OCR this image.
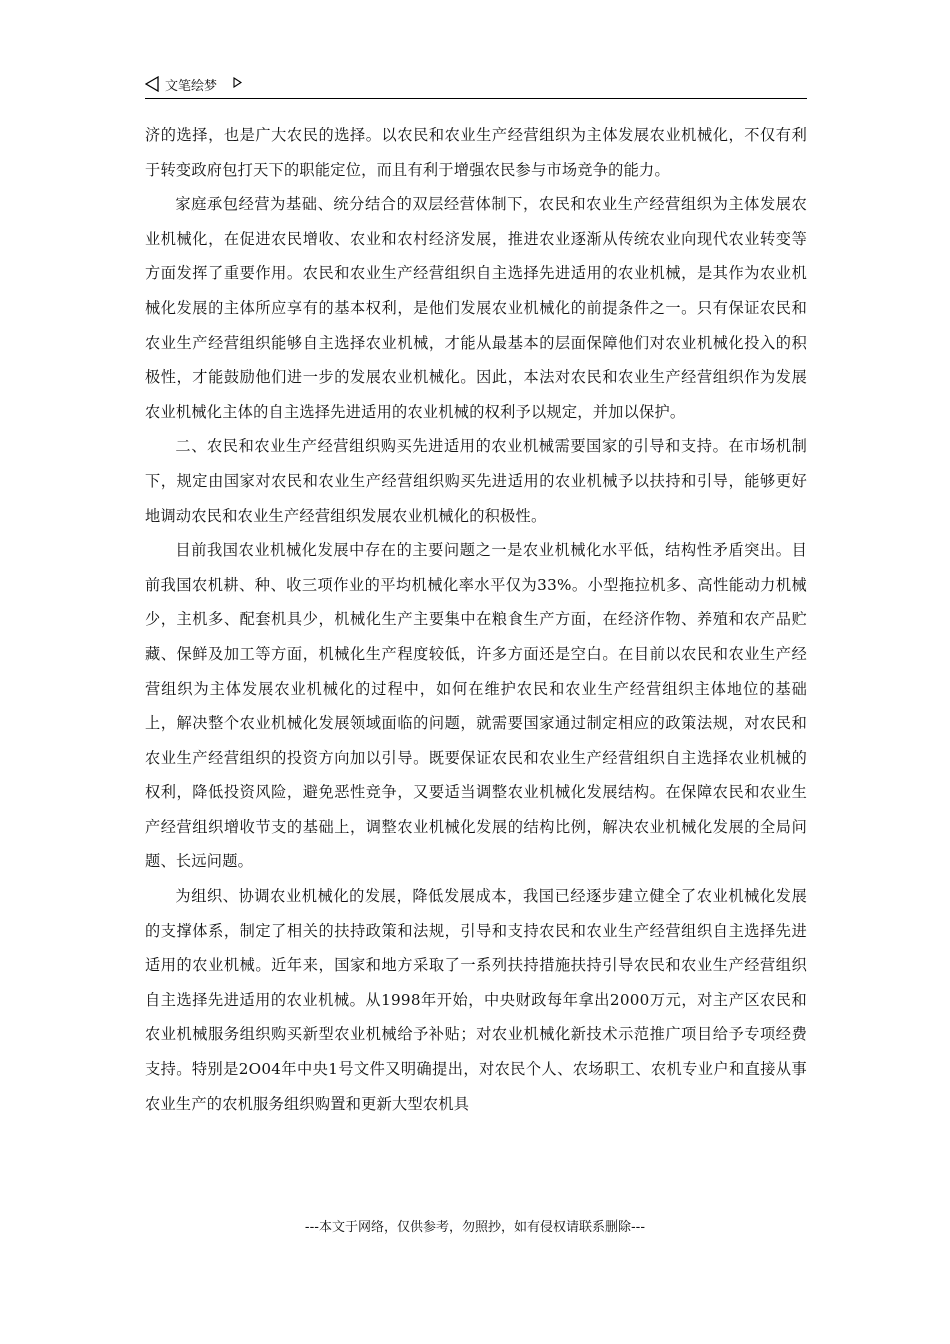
文笔绘梦

济的选择，也是广大农民的选择。以农民和农业生产经营组织为主体发展农业机械化，不仅有利于转变政府包打天下的职能定位，而且有利于增强农民参与市场竞争的能力。

家庭承包经营为基础、统分结合的双层经营体制下，农民和农业生产经营组织为主体发展农业机械化，在促进农民增收、农业和农村经济发展，推进农业逐渐从传统农业向现代农业转变等方面发挥了重要作用。农民和农业生产经营组织自主选择先进适用的农业机械，是其作为农业机械化发展的主体所应享有的基本权利，是他们发展农业机械化的前提条件之一。只有保证农民和农业生产经营组织能够自主选择农业机械，才能从最基本的层面保障他们对农业机械化投入的积极性，才能鼓励他们进一步的发展农业机械化。因此，本法对农民和农业生产经营组织作为发展农业机械化主体的自主选择先进适用的农业机械的权利予以规定，并加以保护。

二、农民和农业生产经营组织购买先进适用的农业机械需要国家的引导和支持。在市场机制下，规定由国家对农民和农业生产经营组织购买先进适用的农业机械予以扶持和引导，能够更好地调动农民和农业生产经营组织发展农业机械化的积极性。

目前我国农业机械化发展中存在的主要问题之一是农业机械化水平低，结构性矛盾突出。目前我国农机耕、种、收三项作业的平均机械化率水平仅为33%。小型拖拉机多、高性能动力机械少，主机多、配套机具少，机械化生产主要集中在粮食生产方面，在经济作物、养殖和农产品贮藏、保鲜及加工等方面，机械化生产程度较低，许多方面还是空白。在目前以农民和农业生产经营组织为主体发展农业机械化的过程中，如何在维护农民和农业生产经营组织主体地位的基础上，解决整个农业机械化发展领域面临的问题，就需要国家通过制定相应的政策法规，对农民和农业生产经营组织的投资方向加以引导。既要保证农民和农业生产经营组织自主选择农业机械的权利，降低投资风险，避免恶性竞争，又要适当调整农业机械化发展结构。在保障农民和农业生产经营组织增收节支的基础上，调整农业机械化发展的结构比例，解决农业机械化发展的全局问题、长远问题。

为组织、协调农业机械化的发展，降低发展成本，我国已经逐步建立健全了农业机械化发展的支撑体系，制定了相关的扶持政策和法规，引导和支持农民和农业生产经营组织自主选择先进适用的农业机械。近年来，国家和地方采取了一系列扶持措施扶持引导农民和农业生产经营组织自主选择先进适用的农业机械。从1998年开始，中央财政每年拿出2000万元，对主产区农民和农业机械服务组织购买新型农业机械给予补贴；对农业机械化新技术示范推广项目给予专项经费支持。特别是2O04年中央1号文件又明确提出，对农民个人、农场职工、农机专业户和直接从事农业生产的农机服务组织购置和更新大型农机具

---本文于网络，仅供参考，勿照抄，如有侵权请联系删除---
